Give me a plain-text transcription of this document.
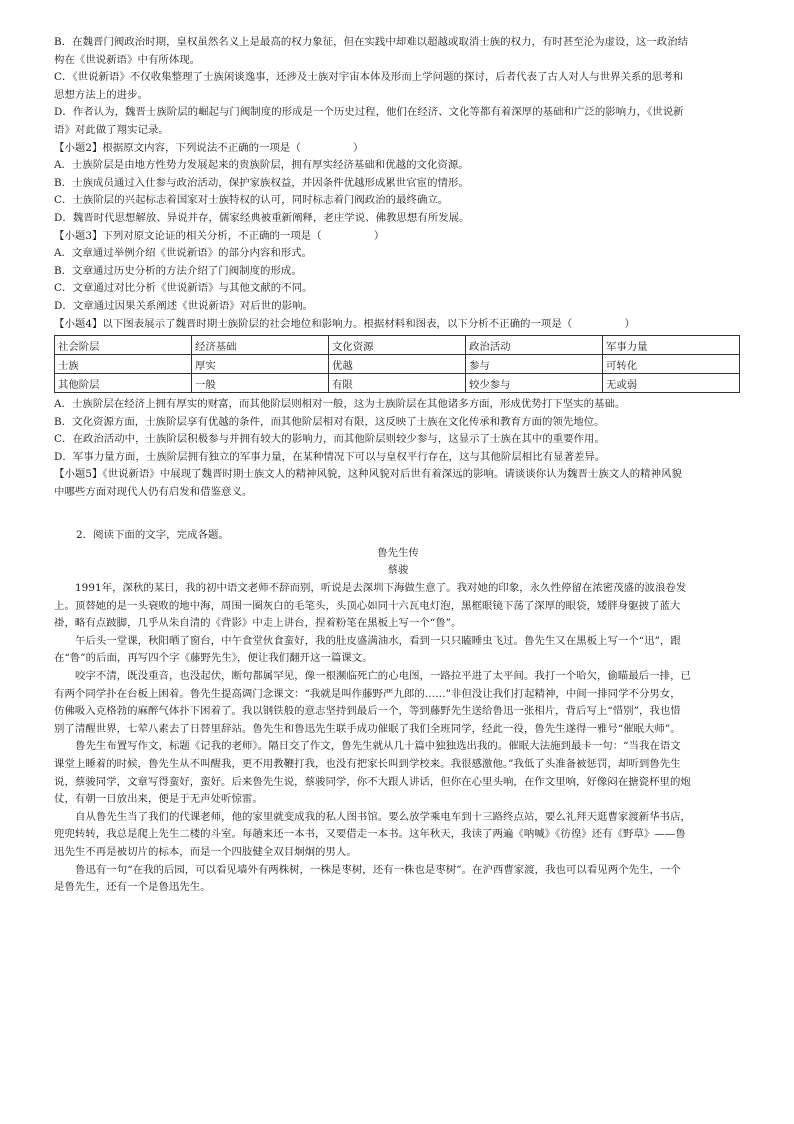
B．在魏晋门阀政治时期，皇权虽然名义上是最高的权力象征，但在实践中却难以超越或取消士族的权力，有时甚至沦为虚设，这一政治结

构在《世说新语》中有所体现。

C．《世说新语》不仅收集整理了士族闲谈逸事，还涉及士族对宇宙本体及形而上学问题的探讨，后者代表了古人对人与世界关系的思考和

思想方法上的进步。

D．作者认为，魏晋士族阶层的崛起与门阀制度的形成是一个历史过程，他们在经济、文化等都有着深厚的基础和广泛的影响力，《世说新

语》对此做了翔实记录。

【小题2】根据原文内容，下列说法不正确的一项是（　　　　　）

A．士族阶层是由地方性势力发展起来的贵族阶层，拥有厚实经济基础和优越的文化资源。

B．士族成员通过入仕参与政治活动，保护家族权益，并因条件优越形成累世官宦的情形。

C．士族阶层的兴起标志着国家对士族特权的认可，同时标志着门阀政治的最终确立。

D．魏晋时代思想解放、异说并存，儒家经典被重新阐释，老庄学说、佛教思想有所发展。

【小题3】下列对原文论证的相关分析，不正确的一项是（　　　　　）

A．文章通过举例介绍《世说新语》的部分内容和形式。

B．文章通过历史分析的方法介绍了门阀制度的形成。

C．文章通过对比分析《世说新语》与其他文献的不同。

D．文章通过因果关系阐述《世说新语》对后世的影响。

【小题4】以下图表展示了魏晋时期士族阶层的社会地位和影响力。根据材料和图表，以下分析不正确的一项是（　　　　　）

社会阶层	经济基础	文化资源	政治活动	军事力量
士族	厚实	优越	参与	可转化
其他阶层	一般	有限	较少参与	无或弱

A．士族阶层在经济上拥有厚实的财富，而其他阶层则相对一般，这为士族阶层在其他诸多方面，形成优势打下坚实的基础。

B．文化资源方面，士族阶层享有优越的条件，而其他阶层相对有限，这反映了士族在文化传承和教育方面的领先地位。

C．在政治活动中，士族阶层积极参与并拥有较大的影响力，而其他阶层则较少参与，这显示了士族在其中的重要作用。

D．军事力量方面，士族阶层拥有独立的军事力量，在某种情况下可以与皇权平行存在，这与其他阶层相比有显著差异。

【小题5】《世说新语》中展现了魏晋时期士族文人的精神风貌，这种风貌对后世有着深远的影响。请谈谈你认为魏晋士族文人的精神风貌

中哪些方面对现代人仍有启发和借鉴意义。

2．阅读下面的文字，完成各题。

鲁先生传

蔡骏

1991年，深秋的某日，我的初中语文老师不辞而别，听说是去深圳下海做生意了。我对她的印象，永久性停留在浓密茂盛的波浪卷发

上。顶替她的是一头衰败的地中海，周围一圈灰白的毛笔头，头顶心如同十六瓦电灯泡，黑框眼镜下荡了深厚的眼袋，矮胖身躯披了蓝大

褂，略有点跛脚，几乎从朱自清的《背影》中走上讲台，捏着粉笔在黑板上写一个“鲁”。

午后头一堂课，秋阳晒了窗台，中午食堂伙食蛮好，我的肚皮盛满油水，看到一只只瞌睡虫飞过。鲁先生又在黑板上写一个“迅”，跟

在“鲁”的后面，再写四个字《藤野先生》，便让我们翻开这一篇课文。

咬字不清，既没重音，也没起伏，断句都属罕见，像一根濒临死亡的心电图，一路拉平进了太平间。我打一个哈欠，偷瞄最后一排，已

有两个同学扑在台板上困着。鲁先生提高调门念课文：“我就是叫作藤野严九郎的……”非但没让我们打起精神，中间一排同学不分男女，

仿佛吸入克格勃的麻醉气体扑下困着了。我以钢铁般的意志坚持到最后一个，等到藤野先生送给鲁迅一张相片，背后写上“惜别”，我也惜

别了清醒世界，七荤八素去了日替里辞站。鲁先生和鲁迅先生联手成功催眠了我们全班同学，经此一役，鲁先生遂得一雅号“催眠大师”。

鲁先生布置写作文，标题《记我的老师》。隔日交了作文，鲁先生就从几十篇中独独选出我的。催眠大法施到最卡一句：“当我在语文

课堂上睡着的时候，鲁先生从不叫醒我，更不用教鞭打我，也没有把家长叫到学校来。我很感激他。”我低了头准备被惩罚，却听到鲁先生

说，蔡骏同学，文章写得蛮好，蛮好。后来鲁先生说，蔡骏同学，你不大跟人讲话，但你在心里头响，在作文里响，好像闷在搪瓷杯里的炮

仗，有朝一日放出来，便是于无声处听惊雷。

自从鲁先生当了我们的代课老师，他的家里就变成我的私人图书馆。要么放学乘电车到十三路终点站，要么礼拜天逛曹家渡新华书店，

兜兜转转，我总是爬上先生二楼的斗室。每趟来还一本书，又要借走一本书。这年秋天，我读了两遍《呐喊》《彷徨》还有《野草》——鲁

迅先生不再是被切片的标本，而是一个四肢健全双目炯炯的男人。

鲁迅有一句“在我的后园，可以看见墙外有两株树，一株是枣树，还有一株也是枣树”。在沪西曹家渡，我也可以看见两个先生，一个

是鲁先生，还有一个是鲁迅先生。
